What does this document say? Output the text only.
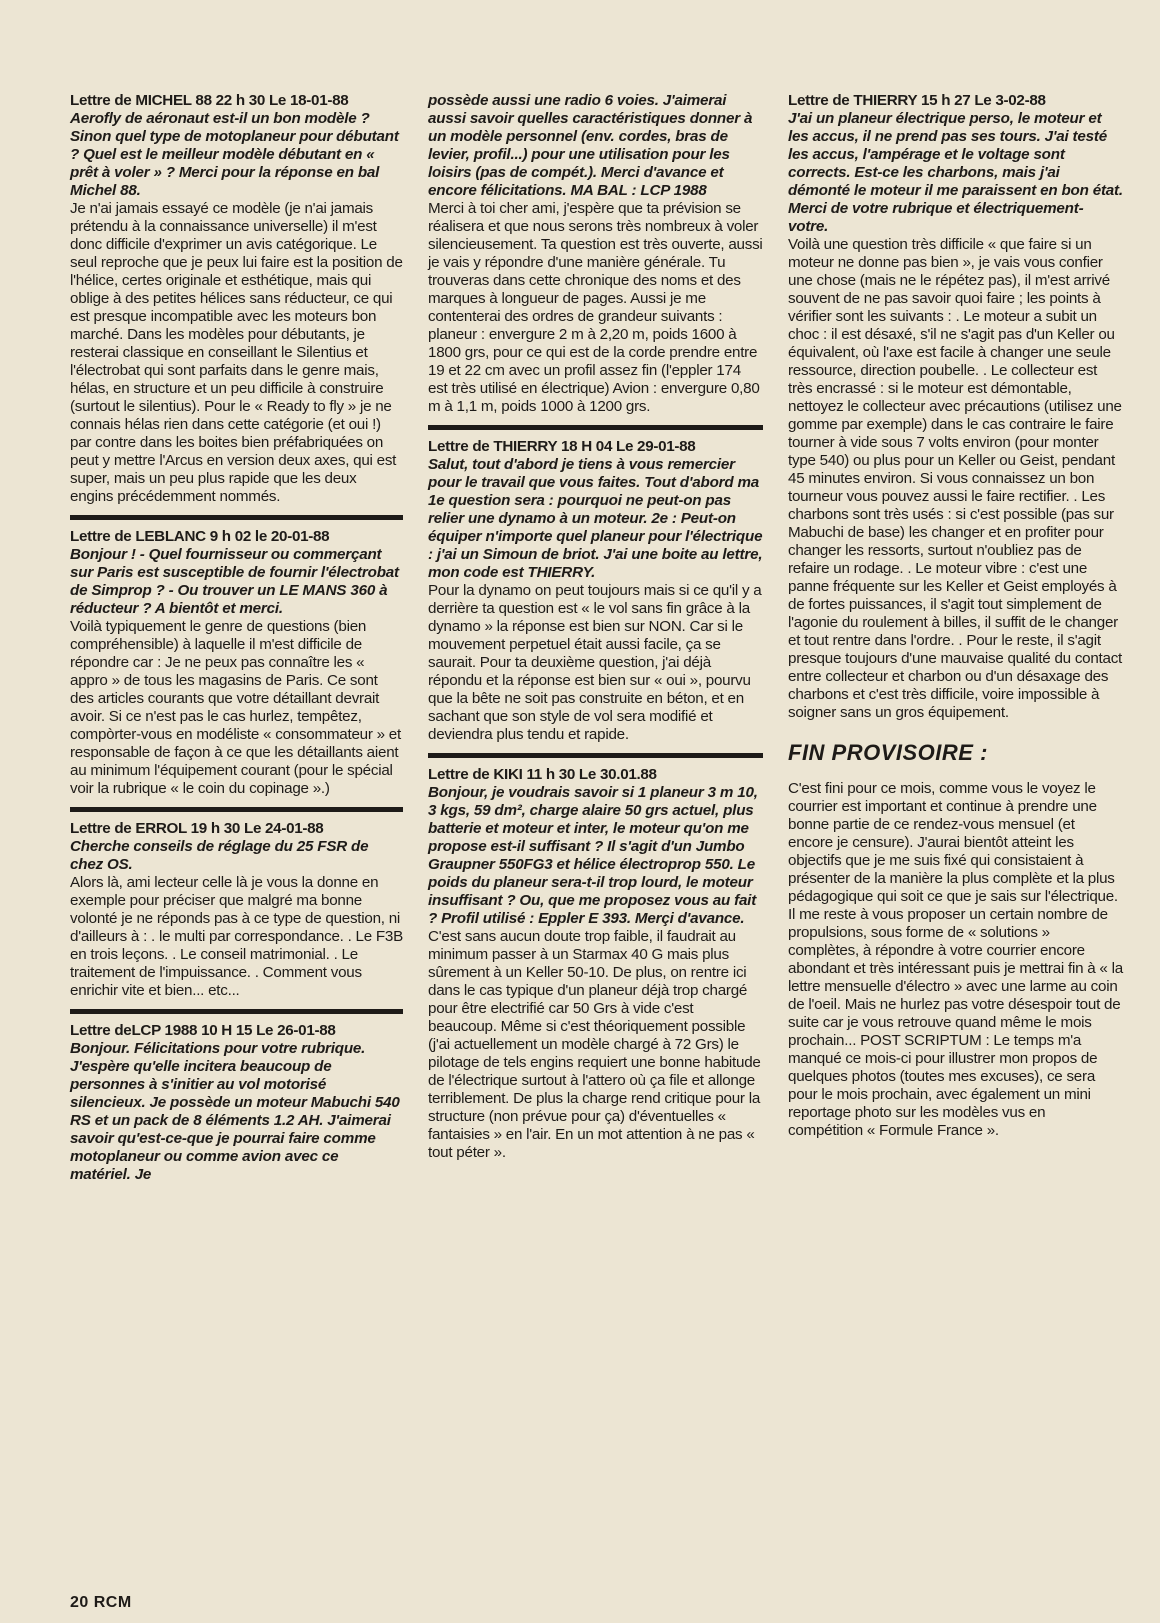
Lettre de MICHEL 88 22 h 30 Le 18-01-88

Aerofly de aéronaut est-il un bon modèle ? Sinon quel type de motoplaneur pour débutant ? Quel est le meilleur modèle débutant en « prêt à voler » ? Merci pour la réponse en bal Michel 88.

Je n'ai jamais essayé ce modèle (je n'ai jamais prétendu à la connaissance universelle) il m'est donc difficile d'exprimer un avis catégorique. Le seul reproche que je peux lui faire est la position de l'hélice, certes originale et esthétique, mais qui oblige à des petites hélices sans réducteur, ce qui est presque incompatible avec les moteurs bon marché. Dans les modèles pour débutants, je resterai classique en conseillant le Silentius et l'électrobat qui sont parfaits dans le genre mais, hélas, en structure et un peu difficile à construire (surtout le silentius). Pour le « Ready to fly » je ne connais hélas rien dans cette catégorie (et oui !) par contre dans les boites bien préfabriquées on peut y mettre l'Arcus en version deux axes, qui est super, mais un peu plus rapide que les deux engins précédemment nommés.

Lettre de LEBLANC 9 h 02 le 20-01-88

Bonjour ! - Quel fournisseur ou commerçant sur Paris est susceptible de fournir l'électrobat de Simprop ? - Ou trouver un LE MANS 360 à réducteur ? A bientôt et merci.

Voilà typiquement le genre de questions (bien compréhensible) à laquelle il m'est difficile de répondre car : Je ne peux pas connaître les « appro » de tous les magasins de Paris. Ce sont des articles courants que votre détaillant devrait avoir. Si ce n'est pas le cas hurlez, tempêtez, compòrter-vous en modéliste « consommateur » et responsable de façon à ce que les détaillants aient au minimum l'équipement courant (pour le spécial voir la rubrique « le coin du copinage ».)

Lettre de ERROL 19 h 30 Le 24-01-88

Cherche conseils de réglage du 25 FSR de chez OS.

Alors là, ami lecteur celle là je vous la donne en exemple pour préciser que malgré ma bonne volonté je ne réponds pas à ce type de question, ni d'ailleurs à : . le multi par correspondance. . Le F3B en trois leçons. . Le conseil matrimonial. . Le traitement de l'impuissance. . Comment vous enrichir vite et bien... etc...

Lettre deLCP 1988 10 H 15 Le 26-01-88

Bonjour. Félicitations pour votre rubrique. J'espère qu'elle incitera beaucoup de personnes à s'initier au vol motorisé silencieux. Je possède un moteur Mabuchi 540 RS et un pack de 8 éléments 1.2 AH. J'aimerai savoir qu'est-ce-que je pourrai faire comme motoplaneur ou comme avion avec ce matériel. Je

possède aussi une radio 6 voies. J'aimerai aussi savoir quelles caractéristiques donner à un modèle personnel (env. cordes, bras de levier, profil...) pour une utilisation pour les loisirs (pas de compét.). Merci d'avance et encore félicitations. MA BAL : LCP 1988

Merci à toi cher ami, j'espère que ta prévision se réalisera et que nous serons très nombreux à voler silencieusement. Ta question est très ouverte, aussi je vais y répondre d'une manière générale. Tu trouveras dans cette chronique des noms et des marques à longueur de pages. Aussi je me contenterai des ordres de grandeur suivants : planeur : envergure 2 m à 2,20 m, poids 1600 à 1800 grs, pour ce qui est de la corde prendre entre 19 et 22 cm avec un profil assez fin (l'eppler 174 est très utilisé en électrique) Avion : envergure 0,80 m à 1,1 m, poids 1000 à 1200 grs.

Lettre de THIERRY 18 H 04 Le 29-01-88

Salut, tout d'abord je tiens à vous remercier pour le travail que vous faites. Tout d'abord ma 1e question sera : pourquoi ne peut-on pas relier une dynamo à un moteur. 2e : Peut-on équiper n'importe quel planeur pour l'électrique : j'ai un Simoun de briot. J'ai une boite au lettre, mon code est THIERRY.

Pour la dynamo on peut toujours mais si ce qu'il y a derrière ta question est « le vol sans fin grâce à la dynamo » la réponse est bien sur NON. Car si le mouvement perpetuel était aussi facile, ça se saurait. Pour ta deuxième question, j'ai déjà répondu et la réponse est bien sur « oui », pourvu que la bête ne soit pas construite en béton, et en sachant que son style de vol sera modifié et deviendra plus tendu et rapide.

Lettre de KIKI 11 h 30 Le 30.01.88

Bonjour, je voudrais savoir si 1 planeur 3 m 10, 3 kgs, 59 dm², charge alaire 50 grs actuel, plus batterie et moteur et inter, le moteur qu'on me propose est-il suffisant ? Il s'agit d'un Jumbo Graupner 550FG3 et hélice électroprop 550. Le poids du planeur sera-t-il trop lourd, le moteur insuffisant ? Ou, que me proposez vous au fait ? Profil utilisé : Eppler E 393. Merçi d'avance.

C'est sans aucun doute trop faible, il faudrait au minimum passer à un Starmax 40 G mais plus sûrement à un Keller 50-10. De plus, on rentre ici dans le cas typique d'un planeur déjà trop chargé pour être electrifié car 50 Grs à vide c'est beaucoup. Même si c'est théoriquement possible (j'ai actuellement un modèle chargé à 72 Grs) le pilotage de tels engins requiert une bonne habitude de l'électrique surtout à l'attero où ça file et allonge terriblement. De plus la charge rend critique pour la structure (non prévue pour ça) d'éventuelles « fantaisies » en l'air. En un mot attention à ne pas « tout péter ».

Lettre de THIERRY 15 h 27 Le 3-02-88

J'ai un planeur électrique perso, le moteur et les accus, il ne prend pas ses tours. J'ai testé les accus, l'ampérage et le voltage sont corrects. Est-ce les charbons, mais j'ai démonté le moteur il me paraissent en bon état. Merci de votre rubrique et électriquement-votre.

Voilà une question très difficile « que faire si un moteur ne donne pas bien », je vais vous confier une chose (mais ne le répétez pas), il m'est arrivé souvent de ne pas savoir quoi faire ; les points à vérifier sont les suivants : . Le moteur a subit un choc : il est désaxé, s'il ne s'agit pas d'un Keller ou équivalent, où l'axe est facile à changer une seule ressource, direction poubelle. . Le collecteur est très encrassé : si le moteur est démontable, nettoyez le collecteur avec précautions (utilisez une gomme par exemple) dans le cas contraire le faire tourner à vide sous 7 volts environ (pour monter type 540) ou plus pour un Keller ou Geist, pendant 45 minutes environ. Si vous connaissez un bon tourneur vous pouvez aussi le faire rectifier. . Les charbons sont très usés : si c'est possible (pas sur Mabuchi de base) les changer et en profiter pour changer les ressorts, surtout n'oubliez pas de refaire un rodage. . Le moteur vibre : c'est une panne fréquente sur les Keller et Geist employés à de fortes puissances, il s'agit tout simplement de l'agonie du roulement à billes, il suffit de le changer et tout rentre dans l'ordre. . Pour le reste, il s'agit presque toujours d'une mauvaise qualité du contact entre collecteur et charbon ou d'un désaxage des charbons et c'est très difficile, voire impossible à soigner sans un gros équipement.

FIN PROVISOIRE :

C'est fini pour ce mois, comme vous le voyez le courrier est important et continue à prendre une bonne partie de ce rendez-vous mensuel (et encore je censure). J'aurai bientôt atteint les objectifs que je me suis fixé qui consistaient à présenter de la manière la plus complète et la plus pédagogique qui soit ce que je sais sur l'électrique. Il me reste à vous proposer un certain nombre de propulsions, sous forme de « solutions » complètes, à répondre à votre courrier encore abondant et très intéressant puis je mettrai fin à « la lettre mensuelle d'électro » avec une larme au coin de l'oeil. Mais ne hurlez pas votre désespoir tout de suite car je vous retrouve quand même le mois prochain... POST SCRIPTUM : Le temps m'a manqué ce mois-ci pour illustrer mon propos de quelques photos (toutes mes excuses), ce sera pour le mois prochain, avec également un mini reportage photo sur les modèles vus en compétition « Formule France ».

20 RCM
